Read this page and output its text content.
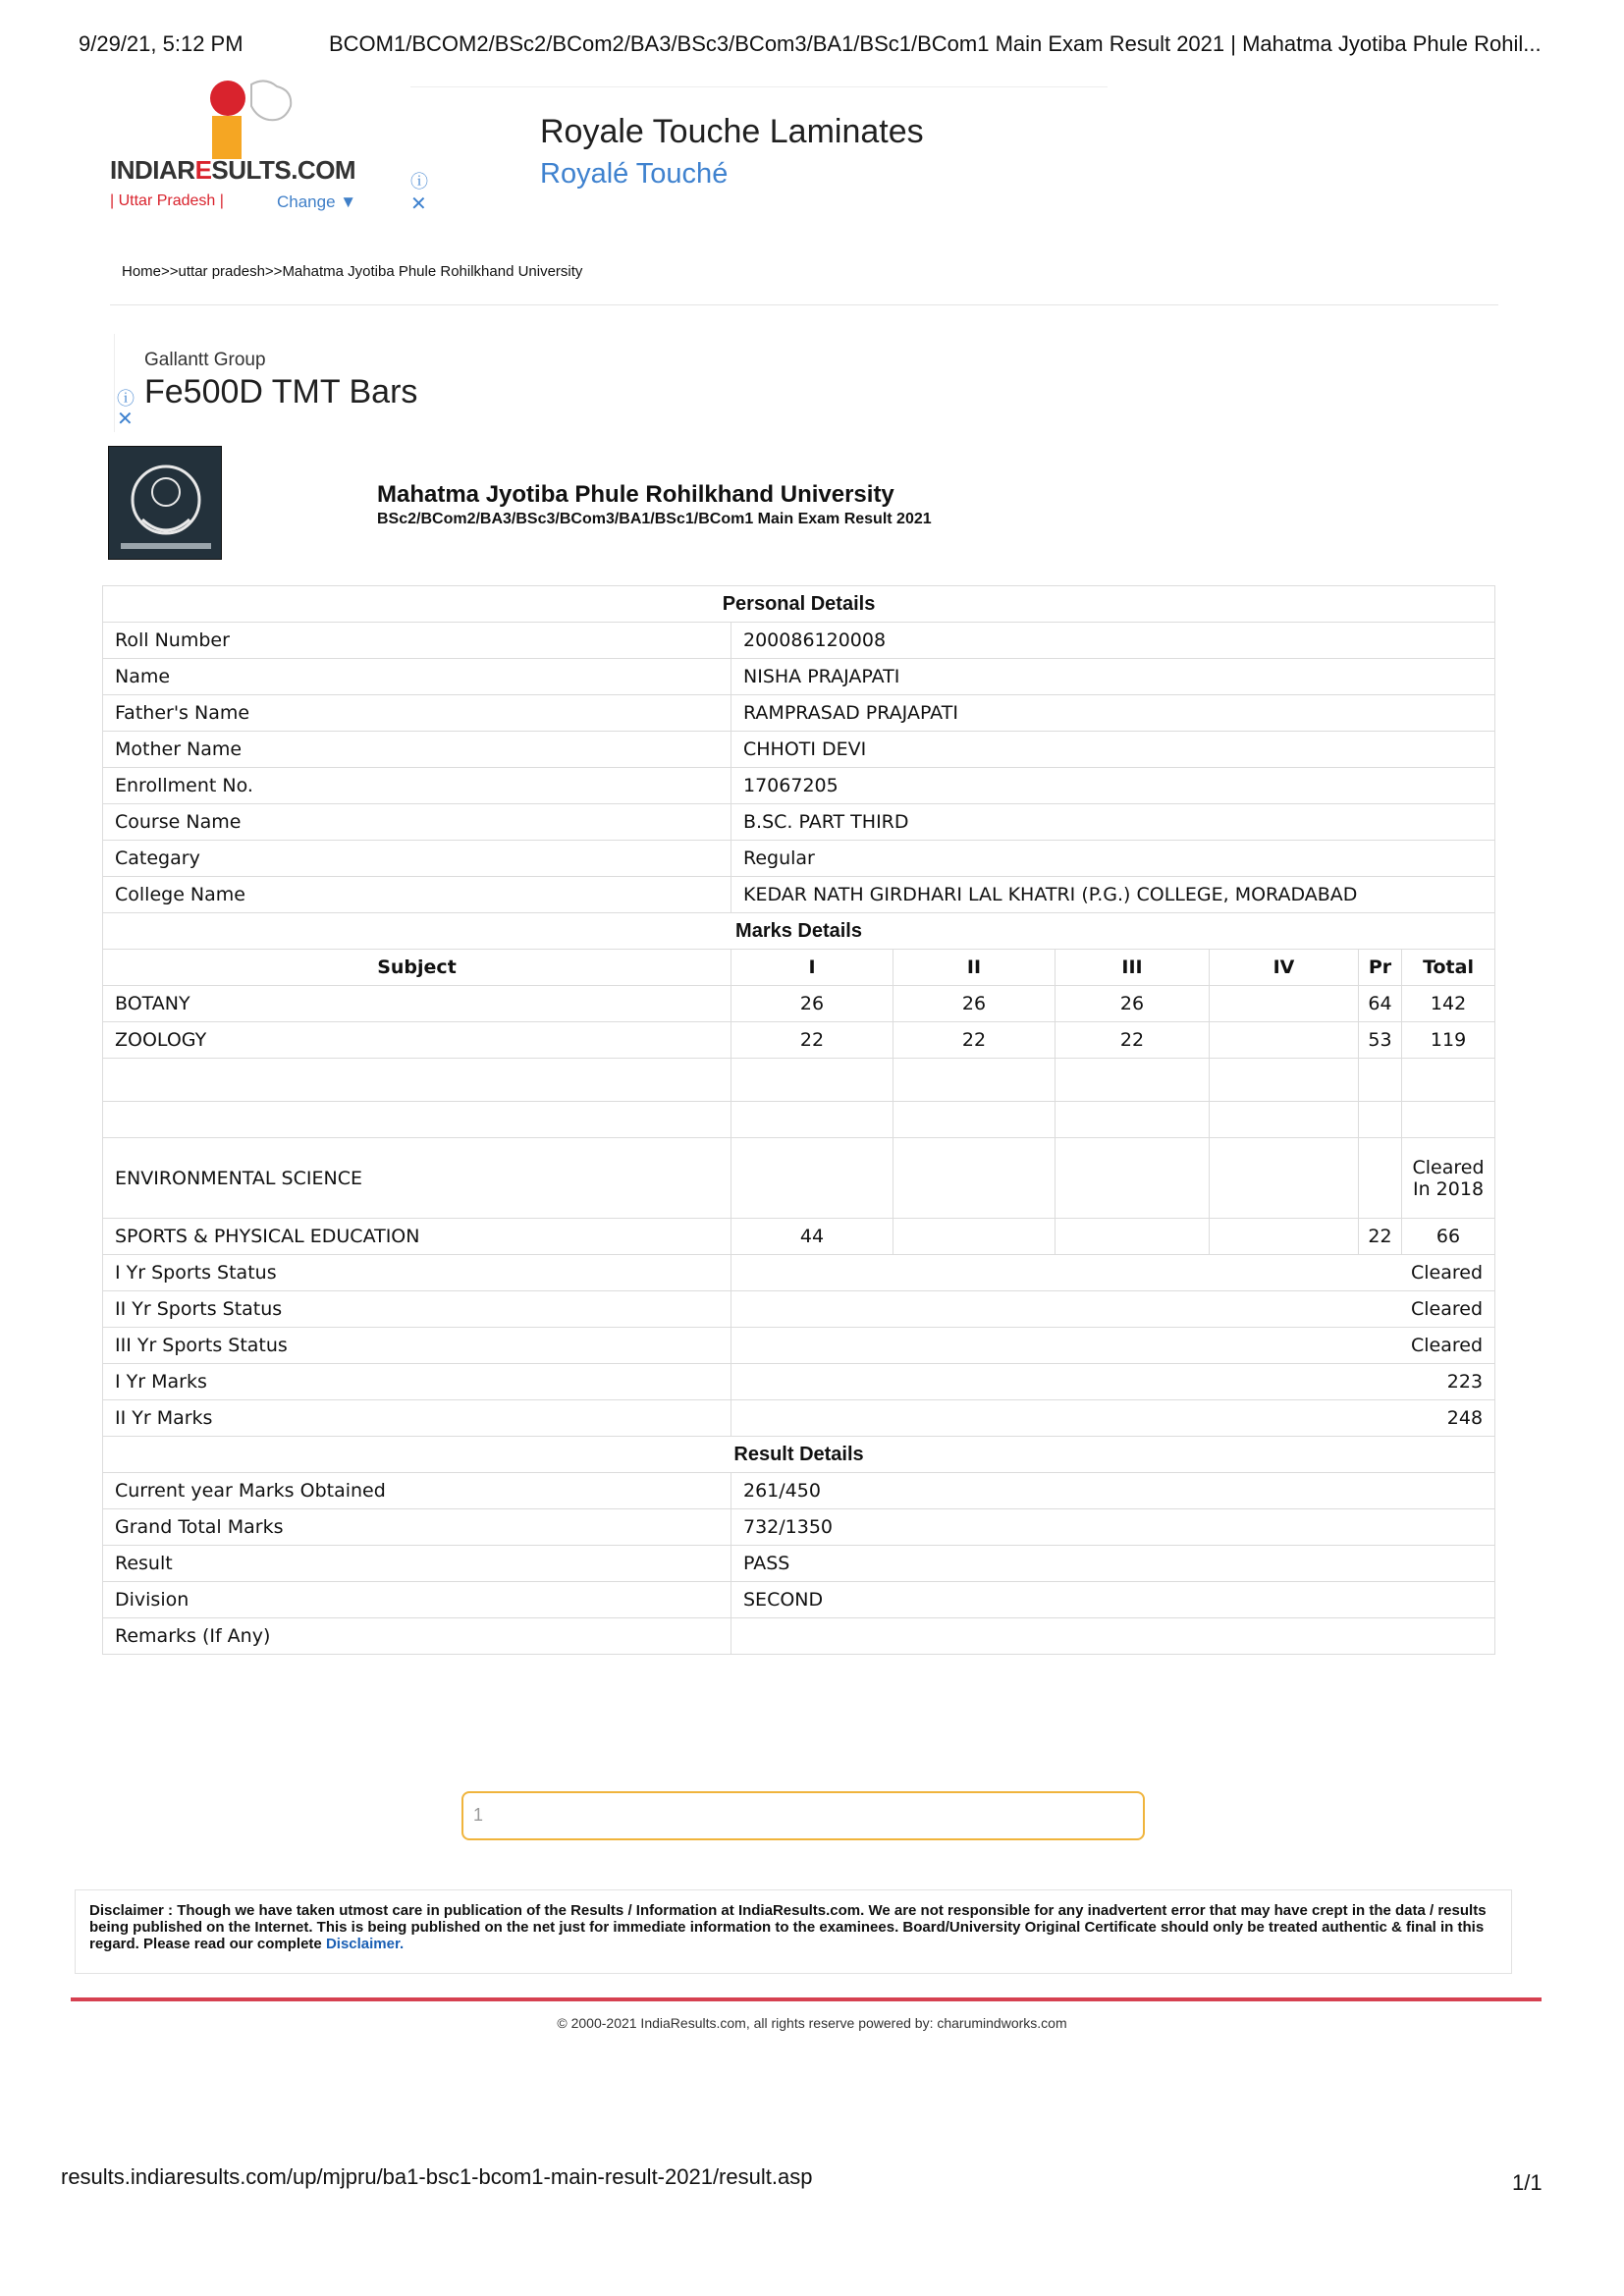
9/29/21, 5:12 PM	BCOM1/BCOM2/BSc2/BCom2/BA3/BSc3/BCom3/BA1/BSc1/BCom1 Main Exam Result 2021 | Mahatma Jyotiba Phule Rohil...
INDIARESULTS.COM
| Uttar Pradesh |	Change ▼
ⓘ
✕
Royale Touche Laminates
Royalé Touché
Home>>uttar pradesh>>Mahatma Jyotiba Phule Rohilkhand University
Gallantt Group
ⓘ
✕
Fe500D TMT Bars
Mahatma Jyotiba Phule Rohilkhand University
BSc2/BCom2/BA3/BSc3/BCom3/BA1/BSc1/BCom1 Main Exam Result 2021
Personal Details						
Roll Number	200086120008					
Name	NISHA PRAJAPATI					
Father's Name	RAMPRASAD PRAJAPATI					
Mother Name	CHHOTI DEVI					
Enrollment No.	17067205					
Course Name	B.SC. PART THIRD					
Categary	Regular					
College Name	KEDAR NATH GIRDHARI LAL KHATRI (P.G.) COLLEGE, MORADABAD					
Marks Details						
Subject	I	II	III	IV	Pr	Total
BOTANY	26	26	26		64	142
ZOOLOGY	22	22	22		53	119

ENVIRONMENTAL SCIENCE						Cleared In 2018
SPORTS & PHYSICAL EDUCATION	44				22	66
I Yr Sports Status	Cleared					
II Yr Sports Status	Cleared					
III Yr Sports Status	Cleared					
I Yr Marks	223					
II Yr Marks	248					
Result Details						
Current year Marks Obtained	261/450					
Grand Total Marks	732/1350					
Result	PASS					
Division	SECOND					
Remarks (If Any)						
1
Disclaimer : Though we have taken utmost care in publication of the Results / Information at IndiaResults.com. We are not responsible for any inadvertent error that may have crept in the data / results being published on the Internet. This is being published on the net just for immediate information to the examinees. Board/University Original Certificate should only be treated authentic & final in this regard. Please read our complete Disclaimer.
© 2000-2021 IndiaResults.com, all rights reserve powered by: charumindworks.com
results.indiaresults.com/up/mjpru/ba1-bsc1-bcom1-main-result-2021/result.asp	1/1
